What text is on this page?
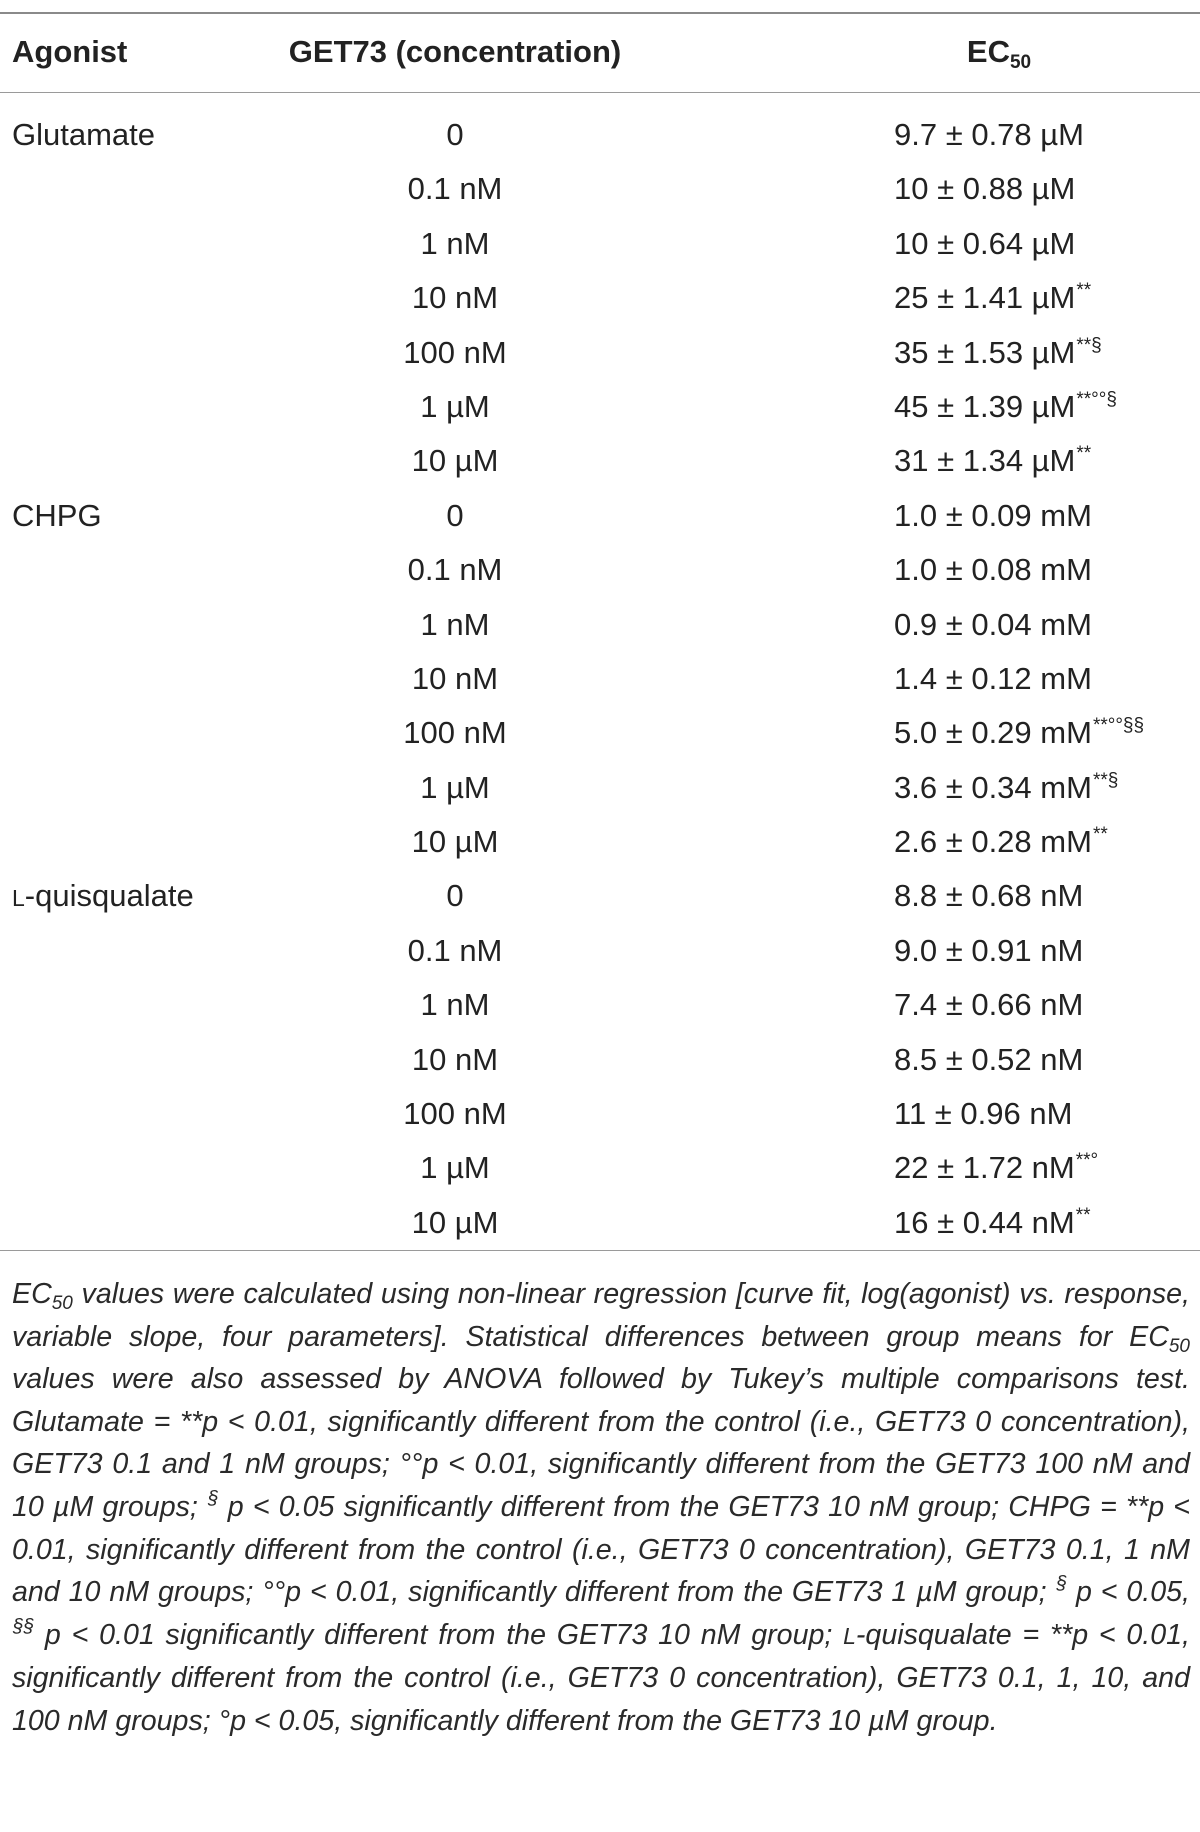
Agonist	GET73 (concentration)	$EC_{50}$
Glutamate	0	9.7 ± 0.78 µM
0.1 nM	10 ± 0.88 µM
1 nM	10 ± 0.64 µM
10 nM	25 ± 1.41 µM**
100 nM	35 ± 1.53 µM**§
1 µM	45 ± 1.39 µM**°°§
10 µM	31 ± 1.34 µM**
CHPG	0	1.0 ± 0.09 mM
0.1 nM	1.0 ± 0.08 mM
1 nM	0.9 ± 0.04 mM
10 nM	1.4 ± 0.12 mM
100 nM	5.0 ± 0.29 mM**°°§§
1 µM	3.6 ± 0.34 mM**§
10 µM	2.6 ± 0.28 mM**
L-quisqualate	0	8.8 ± 0.68 nM
0.1 nM	9.0 ± 0.91 nM
1 nM	7.4 ± 0.66 nM
10 nM	8.5 ± 0.52 nM
100 nM	11 ± 0.96 nM
1 µM	22 ± 1.72 nM**°
10 µM	16 ± 0.44 nM**
$EC_{50}$ values were calculated using non-linear regression [curve fit, log(agonist) vs. response, variable slope, four parameters]. Statistical differences between group means for $EC_{50}$ values were also assessed by ANOVA followed by Tukey’s multiple comparisons test. Glutamate = **p < 0.01, significantly different from the control (i.e., GET73 0 concentration), GET73 0.1 and 1 nM groups; °°p < 0.01, significantly different from the GET73 100 nM and 10 µM groups; § p < 0.05 significantly different from the GET73 10 nM group; CHPG = **p < 0.01, significantly different from the control (i.e., GET73 0 concentration), GET73 0.1, 1 nM and 10 nM groups; °°p < 0.01, significantly different from the GET73 1 µM group; § p < 0.05, §§ p < 0.01 significantly different from the GET73 10 nM group; L-quisqualate = **p < 0.01, significantly different from the control (i.e., GET73 0 concentration), GET73 0.1, 1, 10, and 100 nM groups; °p < 0.05, significantly different from the GET73 10 µM group.
